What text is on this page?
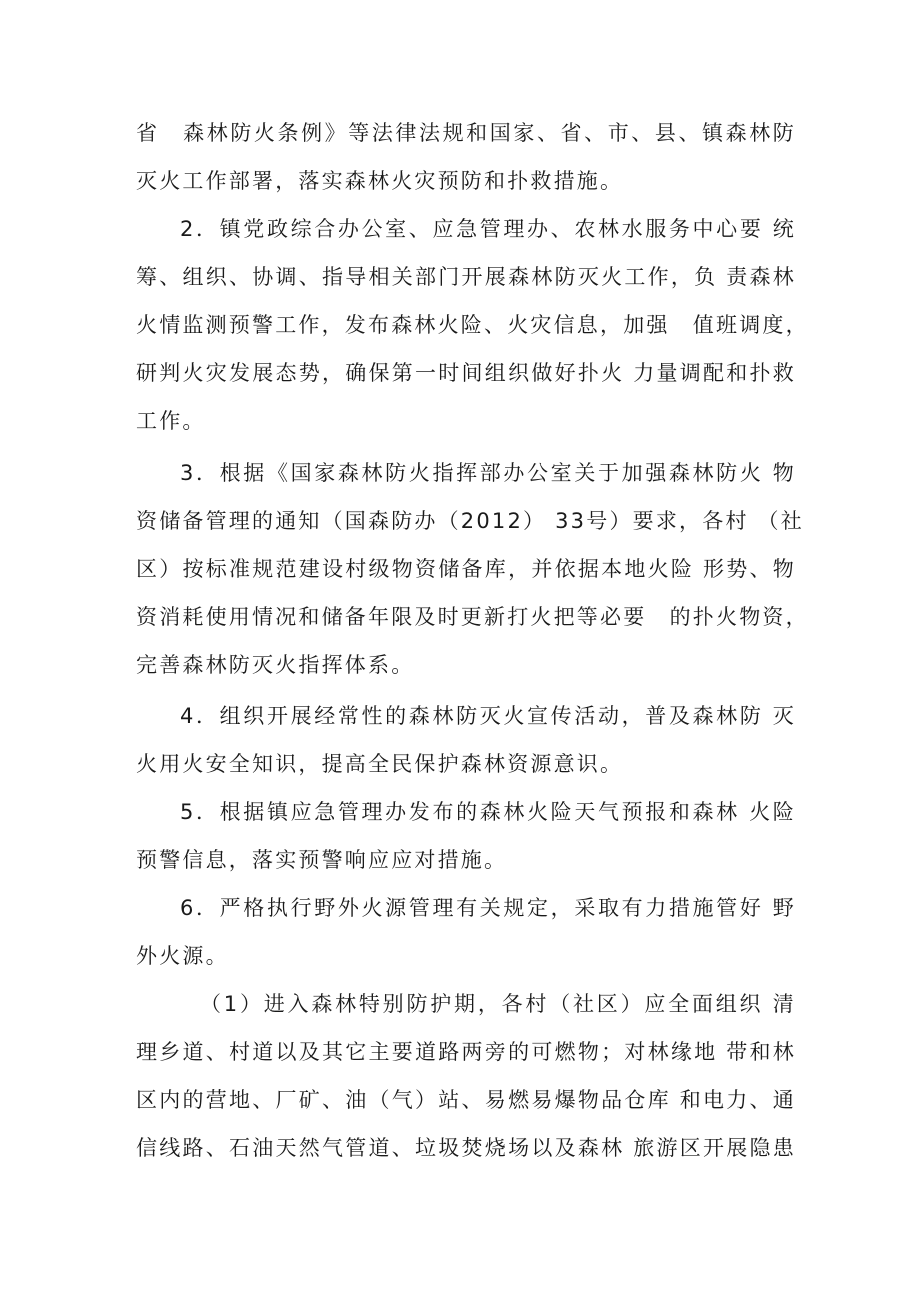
省　森林防火条例》等法律法规和国家、省、市、县、镇森林防
灭火工作部署，落实森林火灾预防和扑救措施。
2．镇党政综合办公室、应急管理办、农林水服务中心要 统
筹、组织、协调、指导相关部门开展森林防灭火工作，负 责森林
火情监测预警工作，发布森林火险、火灾信息，加强　值班调度，
研判火灾发展态势，确保第一时间组织做好扑火 力量调配和扑救
工作。
3．根据《国家森林防火指挥部办公室关于加强森林防火 物
资储备管理的通知（国森防办（2012） 33号）要求，各村 （社
区）按标准规范建设村级物资储备库，并依据本地火险 形势、物
资消耗使用情况和储备年限及时更新打火把等必要　的扑火物资，
完善森林防灭火指挥体系。
4．组织开展经常性的森林防灭火宣传活动，普及森林防 灭
火用火安全知识，提高全民保护森林资源意识。
5．根据镇应急管理办发布的森林火险天气预报和森林 火险
预警信息，落实预警响应应对措施。
6．严格执行野外火源管理有关规定，采取有力措施管好 野
外火源。
（1）进入森林特别防护期，各村（社区）应全面组织 清
理乡道、村道以及其它主要道路两旁的可燃物；对林缘地 带和林
区内的营地、厂矿、油（气）站、易燃易爆物品仓库 和电力、通
信线路、石油天然气管道、垃圾焚烧场以及森林 旅游区开展隐患
